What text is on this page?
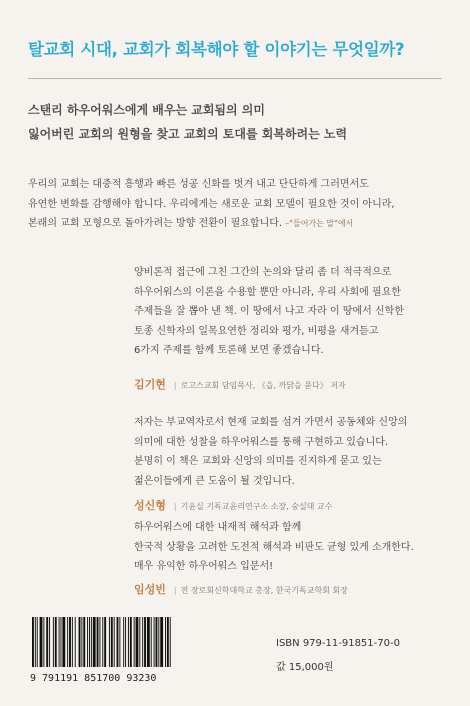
탈교회 시대, 교회가 회복해야 할 이야기는 무엇일까?
스탠리 하우어워스에게 배우는 교회됨의 의미
잃어버린 교회의 원형을 찾고 교회의 토대를 회복하려는 노력
우리의 교회는 대중적 흥행과 빠른 성공 신화를 벗겨 내고 단단하게 그러면서도
유연한 변화를 감행해야 합니다. 우리에게는 새로운 교회 모델이 필요한 것이 아니라,
본래의 교회 모형으로 돌아가려는 방향 전환이 필요합니다. –"들어가는 말"에서
양비론적 접근에 그친 그간의 논의와 달리 좀 더 적극적으로
하우어워스의 이론을 수용할 뿐만 아니라, 우리 사회에 필요한
주제들을 잘 뽑아 낸 책. 이 땅에서 나고 자라 이 땅에서 신학한
토종 신학자의 일목요연한 정리와 평가, 비평을 새겨듣고
6가지 주제를 함께 토론해 보면 좋겠습니다.
김기현 | 로고스교회 담임목사, 《읍, 까닭을 묻다》 저자
저자는 부교역자로서 현재 교회를 섬겨 가면서 공동체와 신앙의
의미에 대한 성찰을 하우어워스를 통해 구현하고 있습니다.
분명히 이 책은 교회와 신앙의 의미를 진지하게 묻고 있는
젊은이들에게 큰 도움이 될 것입니다.
성신형 | 기윤실 기독교윤리연구소 소장, 숭실대 교수
하우어워스에 대한 내재적 해석과 함께
한국적 상황을 고려한 도전적 해석과 비판도 균형 있게 소개한다.
매우 유익한 하우어워스 입문서!
임성빈 | 전 장로회신학대학교 총장, 한국기독교학회 회장
9 791191 851700 93230
ISBN 979-11-91851-70-0
값 15,000원
